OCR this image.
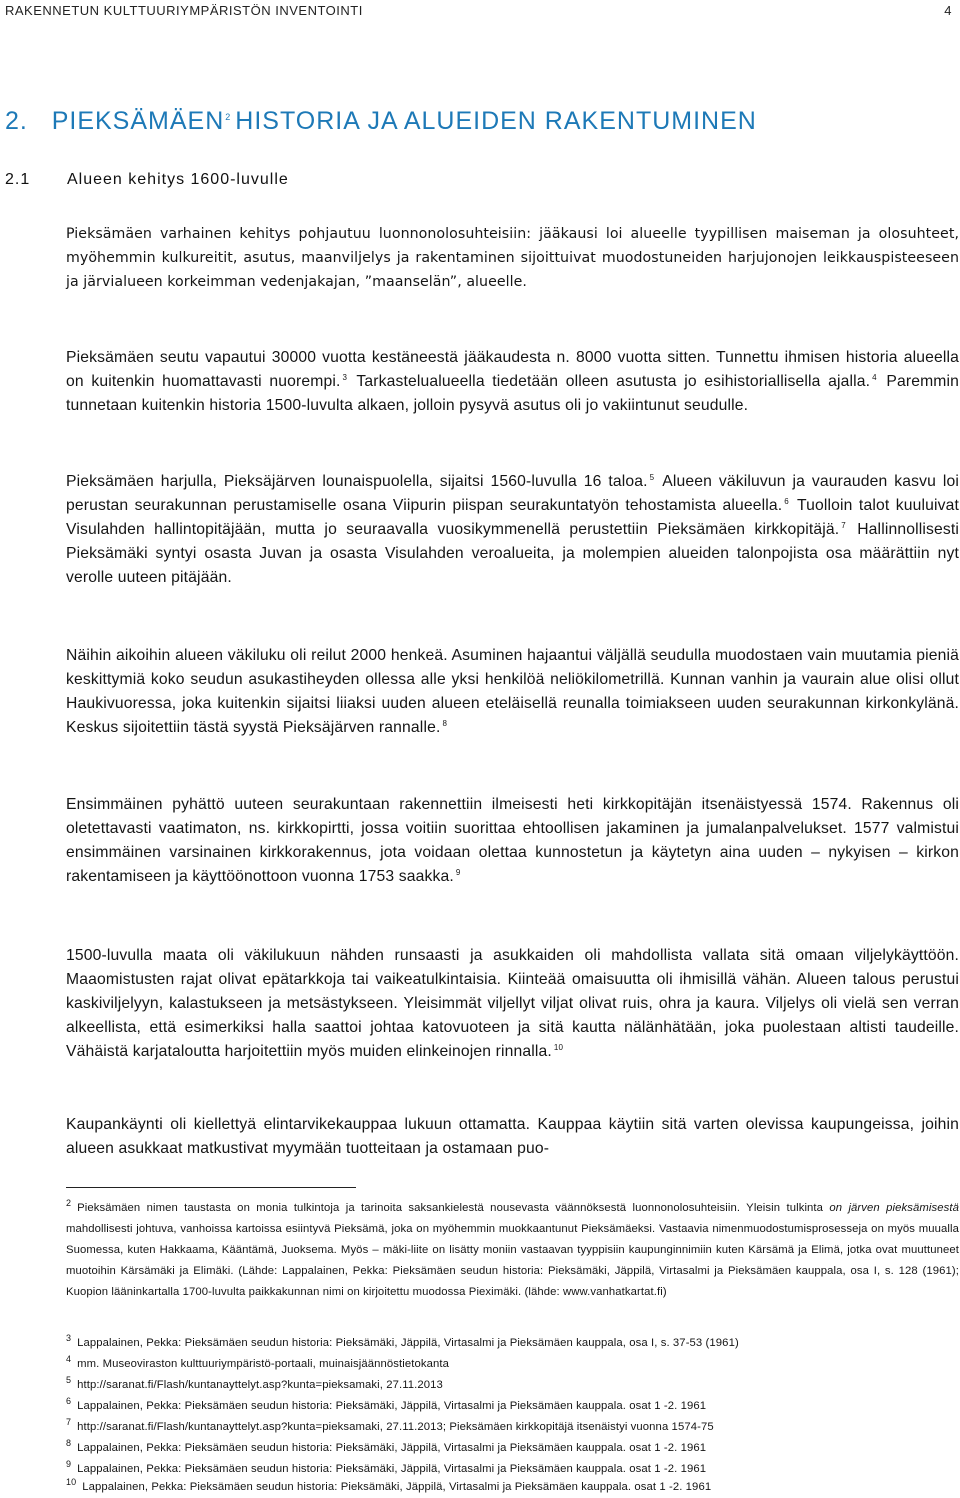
RAKENNETUN KULTTUURIYMPÄRISTÖN INVENTOINTI	4
2. PIEKSÄMÄEN$^2$ HISTORIA JA ALUEIDEN RAKENTUMINEN
2.1 Alueen kehitys 1600-luvulle
Pieksämäen varhainen kehitys pohjautuu luonnonolosuhteisiin: jääkausi loi alueelle tyypillisen maiseman ja olosuhteet, myöhemmin kulkureitit, asutus, maanviljelys ja rakentaminen sijoittuivat muodostuneiden harjujonojen leikkauspisteeseen ja järvialueen korkeimman vedenjakajan, ”maanselän”, alueelle.
Pieksämäen seutu vapautui 30000 vuotta kestäneestä jääkaudesta n. 8000 vuotta sitten. Tunnettu ihmisen historia alueella on kuitenkin huomattavasti nuorempi. $^3$ Tarkastelualueella tiedetään olleen asutusta jo esihistoriallisella ajalla. $^4$ Paremmin tunnetaan kuitenkin historia 1500-luvulta alkaen, jolloin pysyvä asutus oli jo vakiintunut seudulle.
Pieksämäen harjulla, Pieksäjärven lounaispuolella, sijaitsi 1560-luvulla 16 taloa. $^5$ Alueen väkiluvun ja vaurauden kasvu loi perustan seurakunnan perustamiselle osana Viipurin piispan seurakuntatyön tehostamista alueella. $^6$ Tuolloin talot kuuluivat Visulahden hallintopitäjään, mutta jo seuraavalla vuosikymmenellä perustettiin Pieksämäen kirkkopitäjä. $^7$ Hallinnollisesti Pieksämäki syntyi osasta Juvan ja osasta Visulahden veroalueita, ja molempien alueiden talonpojista osa määrättiin nyt verolle uuteen pitäjään.
Näihin aikoihin alueen väkiluku oli reilut 2000 henkeä. Asuminen hajaantui väljällä seudulla muodostaen vain muutamia pieniä keskittymiä koko seudun asukastiheyden ollessa alle yksi henkilöä neliökilometrillä. Kunnan vanhin ja vaurain alue olisi ollut Haukivuoressa, joka kuitenkin sijaitsi liiaksi uuden alueen eteläisellä reunalla toimiakseen uuden seurakunnan kirkonkylänä. Keskus sijoitettiin tästä syystä Pieksäjärven rannalle. $^8$
Ensimmäinen pyhättö uuteen seurakuntaan rakennettiin ilmeisesti heti kirkkopitäjän itsenäistyessä 1574. Rakennus oli oletettavasti vaatimaton, ns. kirkkopirtti, jossa voitiin suorittaa ehtoollisen jakaminen ja jumalanpalvelukset. 1577 valmistui ensimmäinen varsinainen kirkkorakennus, jota voidaan olettaa kunnostetun ja käytetyn aina uuden – nykyisen – kirkon rakentamiseen ja käyttöönottoon vuonna 1753 saakka. $^9$
1500-luvulla maata oli väkilukuun nähden runsaasti ja asukkaiden oli mahdollista vallata sitä omaan viljelykäyttöön. Maaomistusten rajat olivat epätarkkoja tai vaikeatulkintaisia. Kiinteää omaisuutta oli ihmisillä vähän. Alueen talous perustui kaskiviljelyyn, kalastukseen ja metsästykseen. Yleisimmät viljellyt viljat olivat ruis, ohra ja kaura. Viljelys oli vielä sen verran alkeellista, että esimerkiksi halla saattoi johtaa katovuoteen ja sitä kautta nälänhätään, joka puolestaan altisti taudeille. Vähäistä karjataloutta harjoitettiin myös muiden elinkeinojen rinnalla. $^{10}$
Kaupankäynti oli kiellettyä elintarvikekauppaa lukuun ottamatta. Kauppaa käytiin sitä varten olevissa kaupungeissa, joihin alueen asukkaat matkustivat myymään tuotteitaan ja ostamaan puo-
$^2$ Pieksämäen nimen taustasta on monia tulkintoja ja tarinoita saksankielestä nousevasta väännöksestä luonnonolosuhteisiin. Yleisin tulkinta on järven pieksämisestä mahdollisesti johtuva, vanhoissa kartoissa esiintyvä Pieksämä, joka on myöhemmin muokkaantunut Pieksämäeksi. Vastaavia nimenmuodostumisprosesseja on myös muualla Suomessa, kuten Hakkaama, Kääntämä, Juoksema. Myös – mäki-liite on lisätty moniin vastaavan tyyppisiin kaupunginnimiin kuten Kärsämä ja Elimä, jotka ovat muuttuneet muotoihin Kärsämäki ja Elimäki. (Lähde: Lappalainen, Pekka: Pieksämäen seudun historia: Pieksämäki, Jäppilä, Virtasalmi ja Pieksämäen kauppala, osa I, s. 128 (1961); Kuopion lääninkartalla 1700-luvulta paikkakunnan nimi on kirjoitettu muodossa Pieximäki. (lähde: www.vanhatkartat.fi)
$^3$ Lappalainen, Pekka: Pieksämäen seudun historia: Pieksämäki, Jäppilä, Virtasalmi ja Pieksämäen kauppala, osa I, s. 37-53 (1961)
$^4$ mm. Museoviraston kulttuuriympäristö-portaali, muinaisjäännöstietokanta
$^5$ http://saranat.fi/Flash/kuntanayttelyt.asp?kunta=pieksamaki, 27.11.2013
$^6$ Lappalainen, Pekka: Pieksämäen seudun historia: Pieksämäki, Jäppilä, Virtasalmi ja Pieksämäen kauppala. osat 1 -2. 1961
$^7$ http://saranat.fi/Flash/kuntanayttelyt.asp?kunta=pieksamaki, 27.11.2013; Pieksämäen kirkkopitäjä itsenäistyi vuonna 1574-75
$^8$ Lappalainen, Pekka: Pieksämäen seudun historia: Pieksämäki, Jäppilä, Virtasalmi ja Pieksämäen kauppala. osat 1 -2. 1961
$^9$ Lappalainen, Pekka: Pieksämäen seudun historia: Pieksämäki, Jäppilä, Virtasalmi ja Pieksämäen kauppala. osat 1 -2. 1961
$^{10}$ Lappalainen, Pekka: Pieksämäen seudun historia: Pieksämäki, Jäppilä, Virtasalmi ja Pieksämäen kauppala. osat 1 -2. 1961
